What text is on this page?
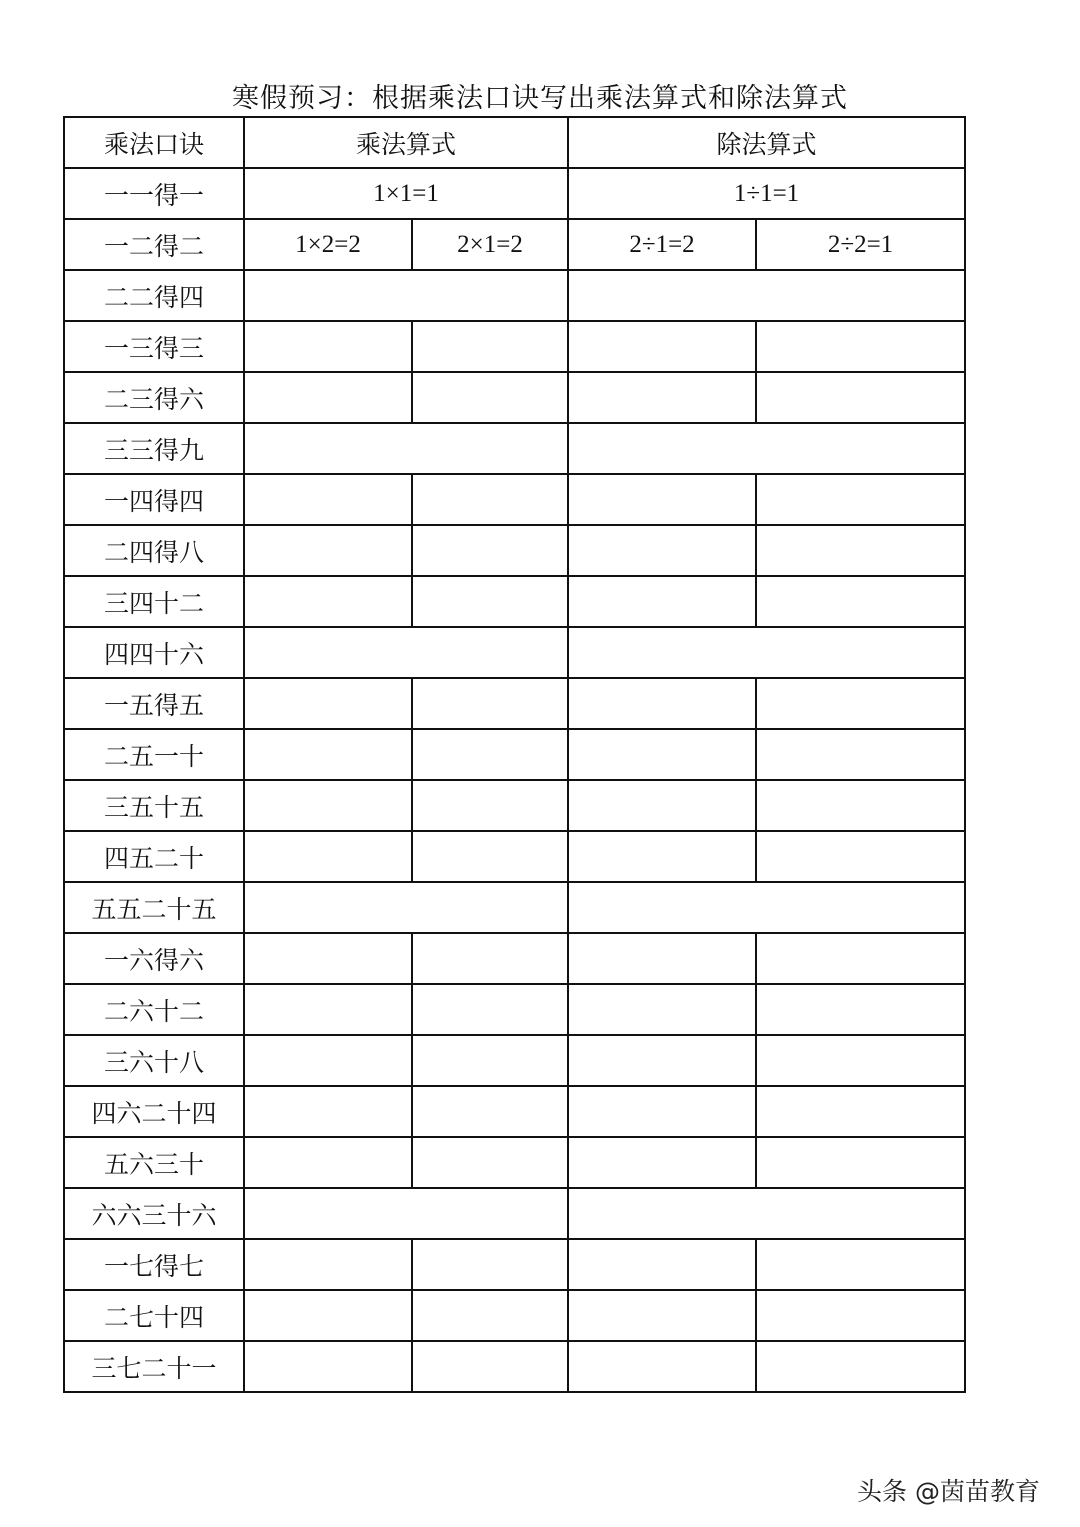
寒假预习：根据乘法口诀写出乘法算式和除法算式
乘法口诀	乘法算式		除法算式	
一一得一	1×1=1		1÷1=1	
一二得二	1×2=2	2×1=2	2÷1=2	2÷2=1
二二得四				
一三得三				
二三得六				
三三得九				
一四得四				
二四得八				
三四十二				
四四十六				
一五得五				
二五一十				
三五十五				
四五二十				
五五二十五				
一六得六				
二六十二				
三六十八				
四六二十四				
五六三十				
六六三十六				
一七得七				
二七十四				
三七二十一				
头条 @茵苗教育
